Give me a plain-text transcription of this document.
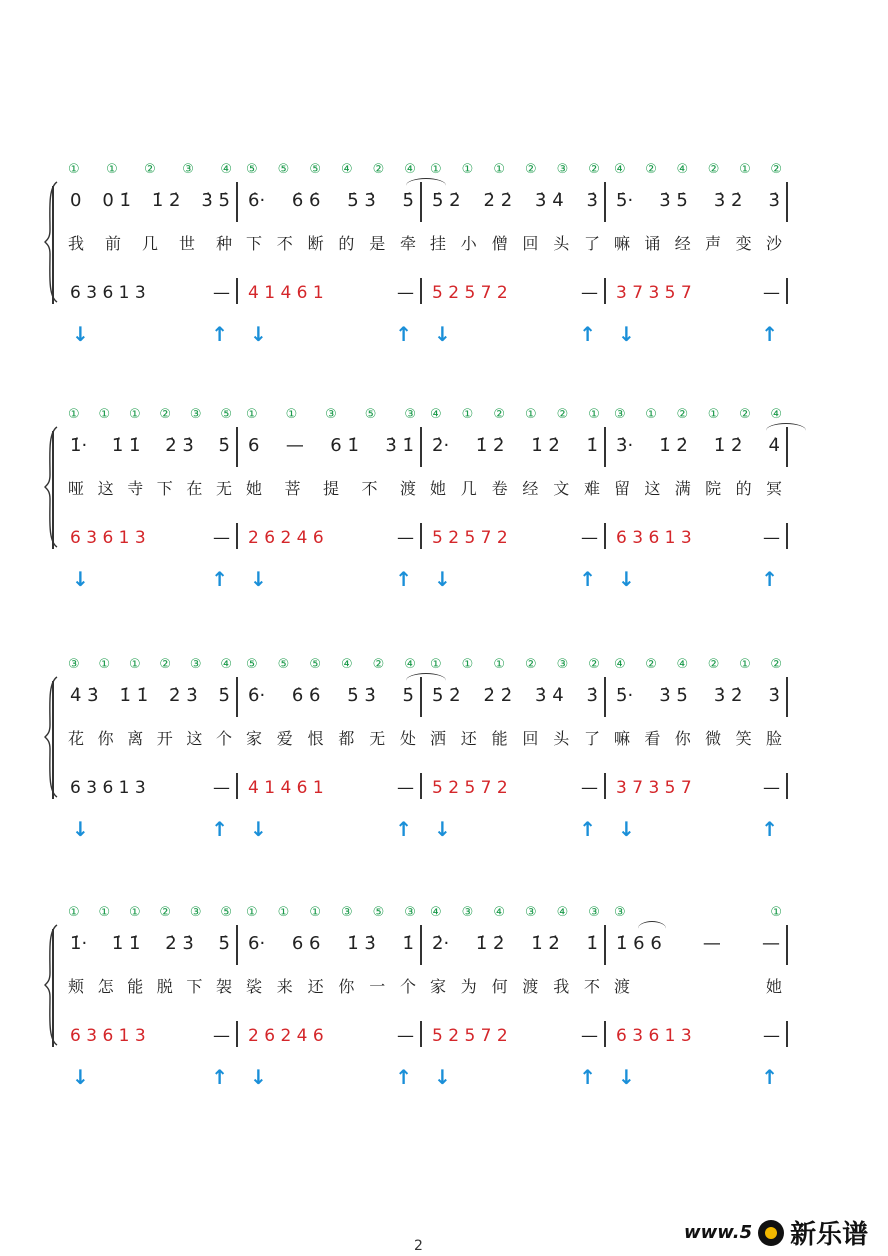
① ① ② ③ ④
0 0 1̇ 1̇ 2̇ 3̇ 5̇
我 前 几 世 种
6 3 6 1 3	—
↓	↑
⑤ ⑤ ⑤ ④ ② ④
6̇· 6̇ 6̇ 5̇ 3̇ 5̇
下 不 断 的 是 牵
4 1 4 6 1	—
↓	↑
① ① ① ② ③ ②
5̇ 2̇ 2̇ 2̇ 3̇ 4̇ 3̇
挂 小 僧 回 头 了
5 2 5 7 2	—
↓	↑
④ ② ④ ② ① ②
5̇· 3̇ 5̇ 3̇ 2̇ 3̇
嘛 诵 经 声 变 沙
3 7 3 5 7	—
↓	↑
① ① ① ② ③ ⑤
1̇· 1̇ 1̇ 2̇ 3̇ 5̇
哑 这 寺 下 在 无
6 3 6 1 3	—
↓	↑
① ① ③ ⑤ ③
6 — 6 1̇ 3̇ 1̇
她 菩 提 不 渡
2 6 2 4 6	—
↓	↑
④ ① ② ① ② ①
2̇· 1̇ 2̇ 1̇ 2̇ 1̇
她 几 卷 经 文 难
5 2 5 7 2	—
↓	↑
③ ① ② ① ② ④
3̇· 1̇ 2̇ 1̇ 2̇ 4̇
留 这 满 院 的 冥
6 3 6 1 3	—
↓	↑
③ ① ① ② ③ ④
4̇ 3̇ 1̇ 1̇ 2̇ 3̇ 5̇
花 你 离 开 这 个
6 3 6 1 3	—
↓	↑
⑤ ⑤ ⑤ ④ ② ④
6̇· 6̇ 6̇ 5̇ 3̇ 5̇
家 爱 恨 都 无 处
4 1 4 6 1	—
↓	↑
① ① ① ② ③ ②
5̇ 2̇ 2̇ 2̇ 3̇ 4̇ 3̇
洒 还 能 回 头 了
5 2 5 7 2	—
↓	↑
④ ② ④ ② ① ②
5̇· 3̇ 5̇ 3̇ 2̇ 3̇
嘛 看 你 微 笑 脸
3 7 3 5 7	—
↓	↑
① ① ① ② ③ ⑤
1̇· 1̇ 1̇ 2̇ 3̇ 5̇
颊 怎 能 脱 下 袈
6 3 6 1 3	—
↓	↑
① ① ① ③ ⑤ ③
6· 6 6 1̇ 3̇ 1̇
裟 来 还 你 一 个
2 6 2 4 6	—
↓	↑
④ ③ ④ ③ ④ ③
2̇· 1̇ 2̇ 1̇ 2̇ 1̇
家 为 何 渡 我 不
5 2 5 7 2	—
↓	↑
③	①
1̇ 6 6 — —
渡	她
6 3 6 1 3	—
↓	↑
2
www.5 新乐谱
